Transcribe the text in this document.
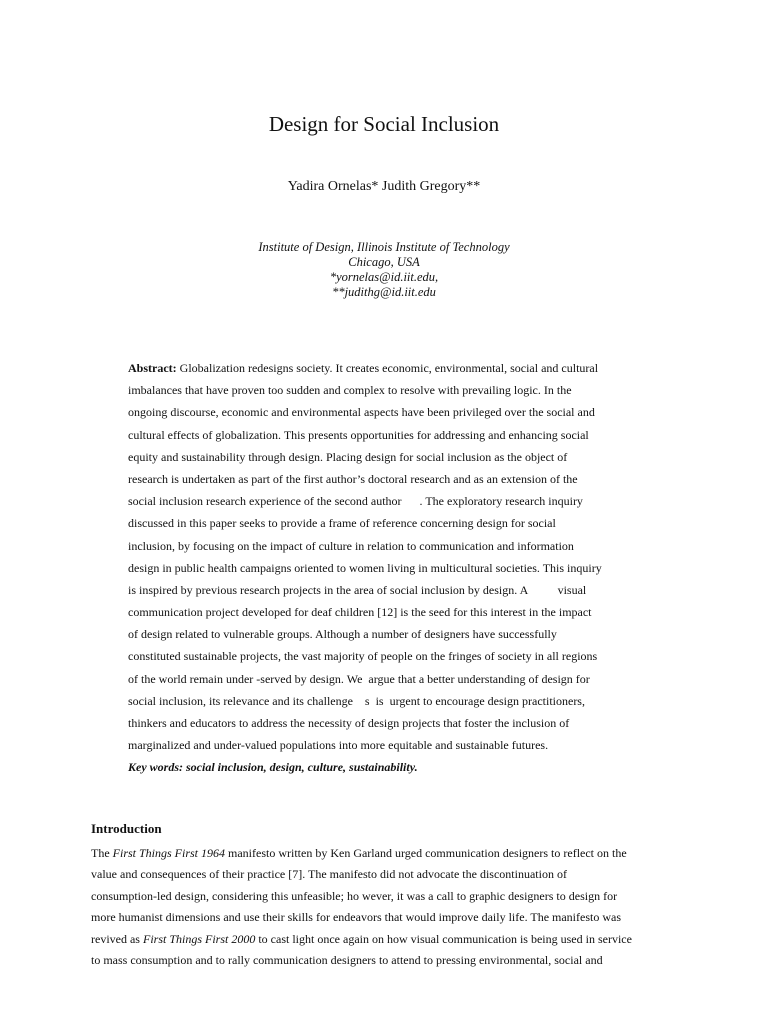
Design for Social Inclusion
Yadira Ornelas* Judith Gregory**
Institute of Design, Illinois Institute of Technology
Chicago, USA
*yornelas@id.iit.edu,
**judithg@id.iit.edu
Abstract: Globalization redesigns society. It creates economic, environmental, social and cultural
imbalances that have proven too sudden and complex to resolve with prevailing logic. In the
ongoing discourse, economic and environmental aspects have been privileged over the social and
cultural effects of globalization. This presents opportunities for addressing and enhancing social
equity and sustainability through design. Placing design for social inclusion as the object of
research is undertaken as part of the first author’s doctoral research and as an extension of the
social inclusion research experience of the second author      . The exploratory research inquiry
discussed in this paper seeks to provide a frame of reference concerning design for social
inclusion, by focusing on the impact of culture in relation to communication and information
design in public health campaigns oriented to women living in multicultural societies. This inquiry
is inspired by previous research projects in the area of social inclusion by design. A          visual
communication project developed for deaf children [12] is the seed for this interest in the impact
of design related to vulnerable groups. Although a number of designers have successfully
constituted sustainable projects, the vast majority of people on the fringes of society in all regions
of the world remain under -served by design. We  argue that a better understanding of design for
social inclusion, its relevance and its challenge    s  is  urgent to encourage design practitioners,
thinkers and educators to address the necessity of design projects that foster the inclusion of
marginalized and under-valued populations into more equitable and sustainable futures.
Key words: social inclusion, design, culture, sustainability.
Introduction
The First Things First 1964 manifesto written by Ken Garland urged communication designers to reflect on the
value and consequences of their practice [7]. The manifesto did not advocate the discontinuation of
consumption-led design, considering this unfeasible; ho wever, it was a call to graphic designers to design for
more humanist dimensions and use their skills for endeavors that would improve daily life. The manifesto was
revived as First Things First 2000 to cast light once again on how visual communication is being used in service
to mass consumption and to rally communication designers to attend to pressing environmental, social and
